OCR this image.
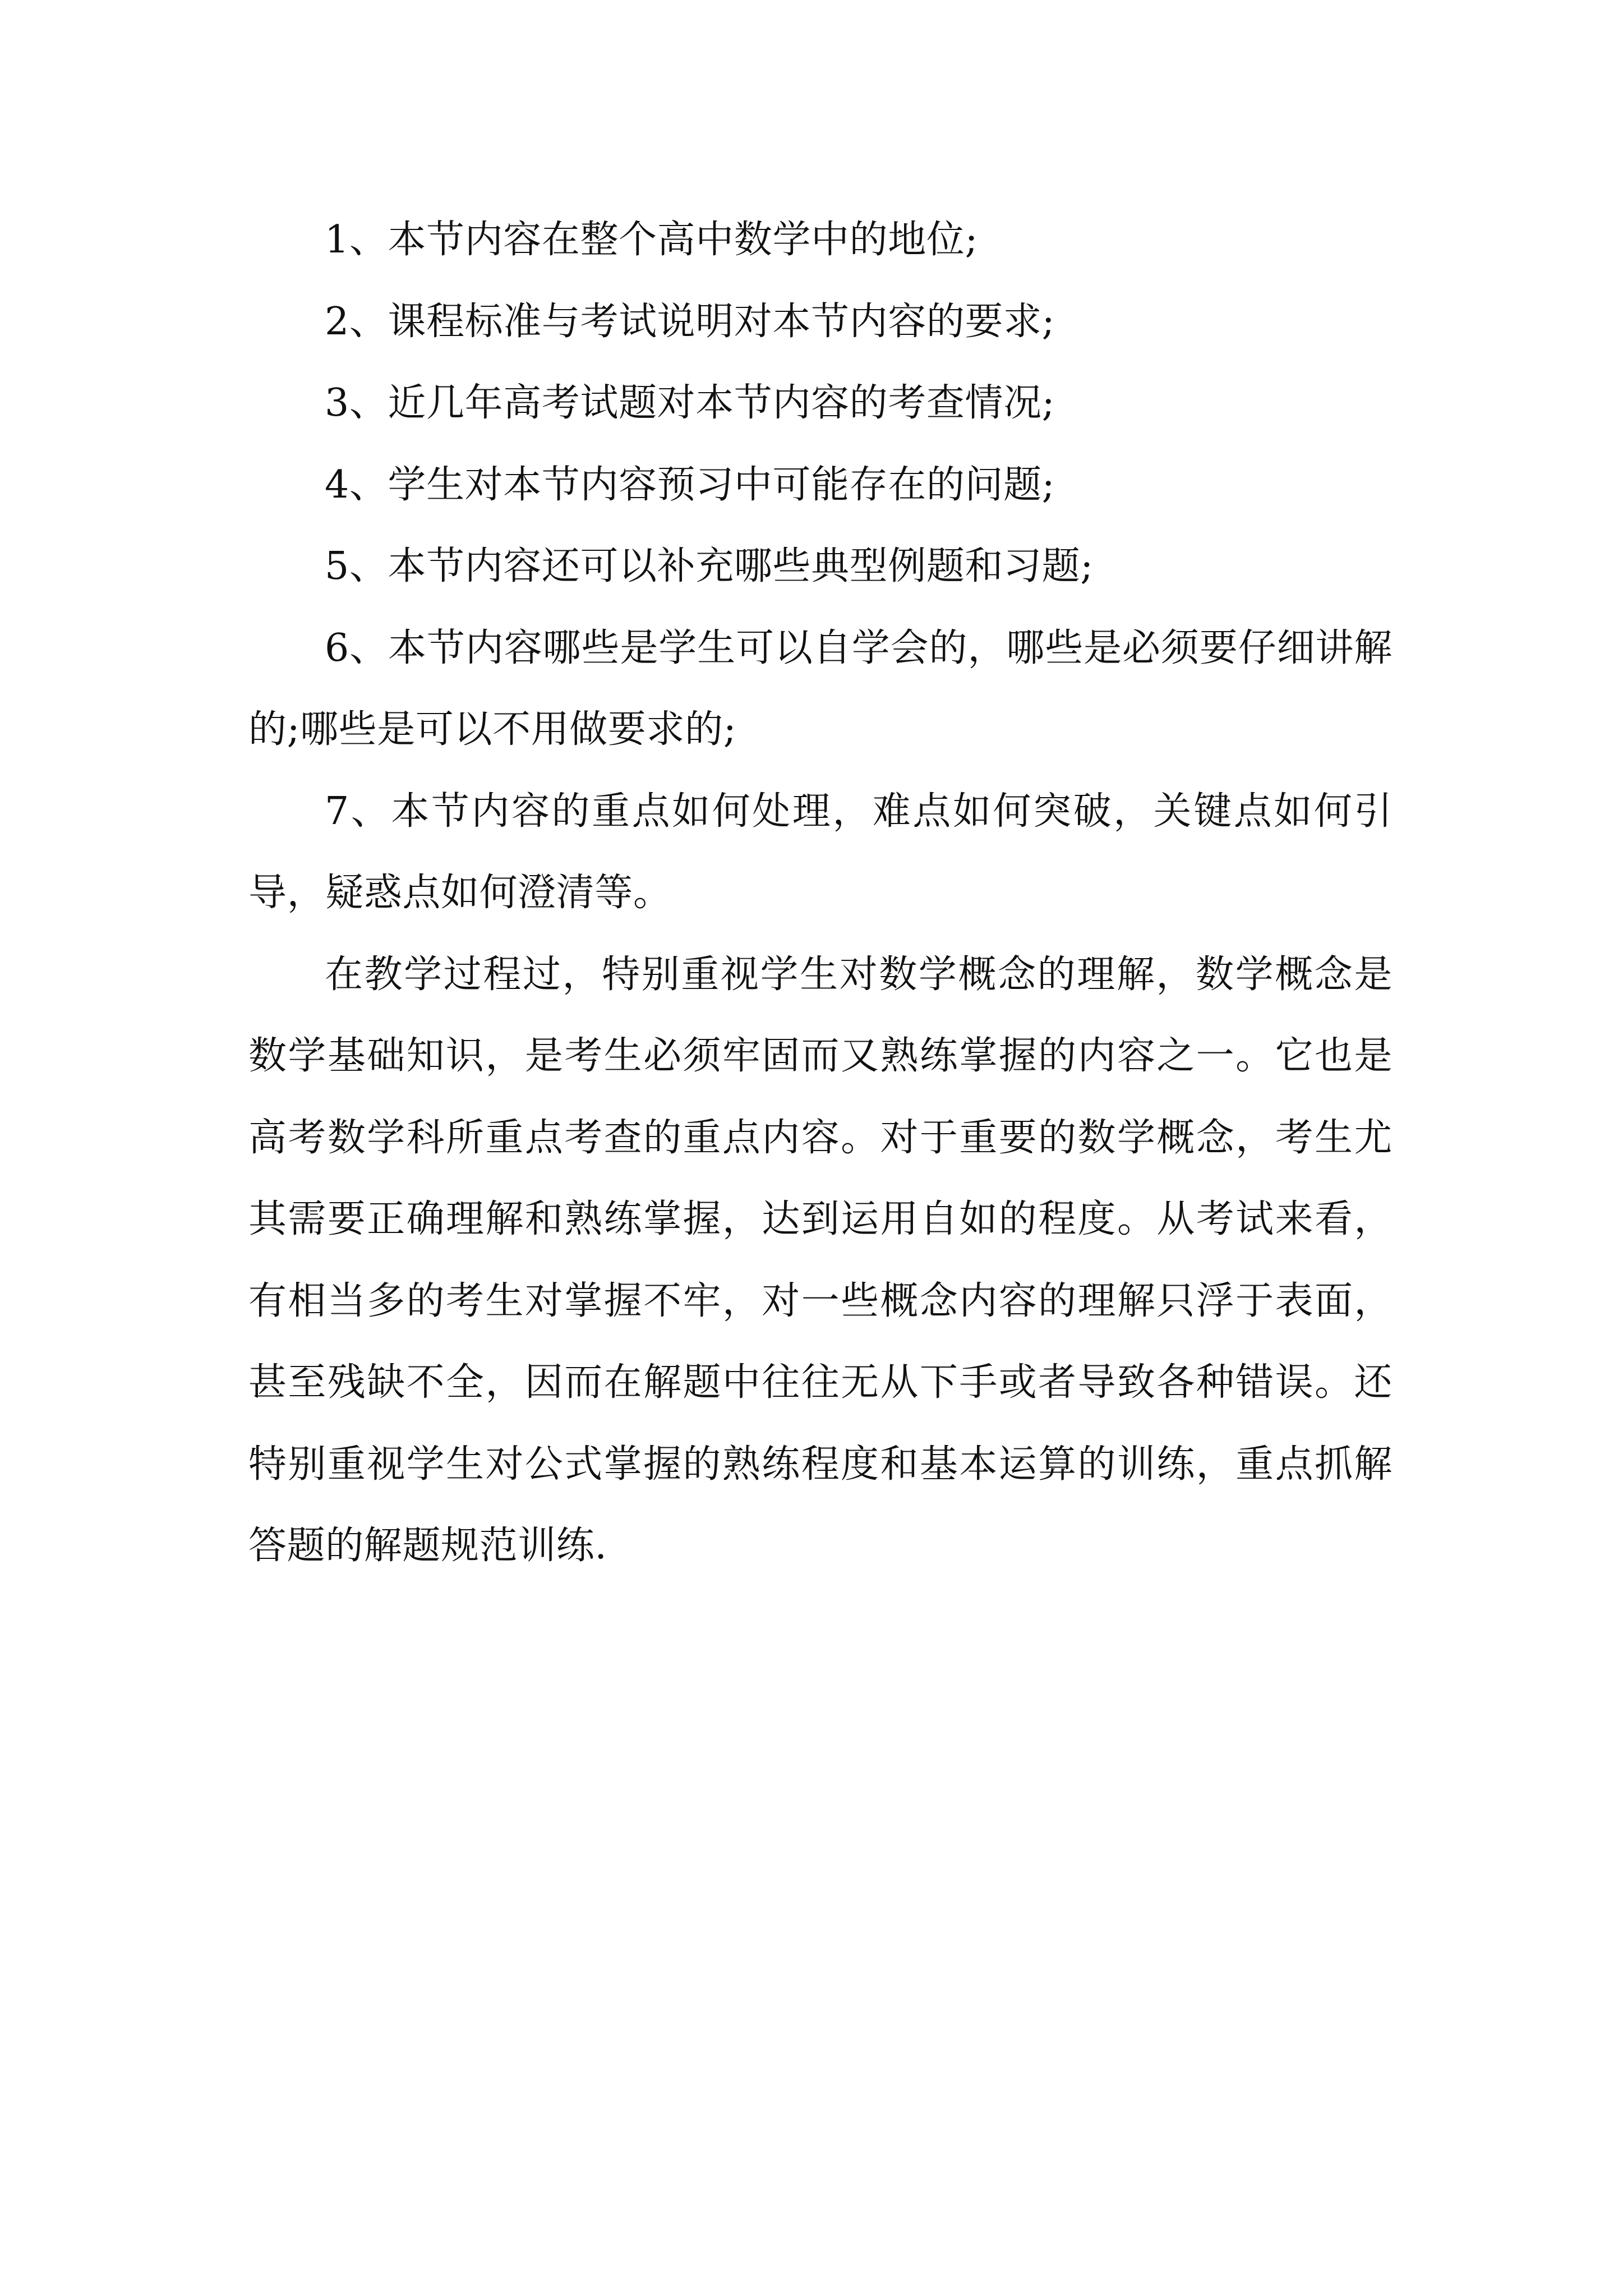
1、本节内容在整个高中数学中的地位;

2、课程标准与考试说明对本节内容的要求;

3、近几年高考试题对本节内容的考查情况;

4、学生对本节内容预习中可能存在的问题;

5、本节内容还可以补充哪些典型例题和习题;

6、本节内容哪些是学生可以自学会的，哪些是必须要仔细讲解的;哪些是可以不用做要求的;

7、本节内容的重点如何处理，难点如何突破，关键点如何引导，疑惑点如何澄清等。

在教学过程过，特别重视学生对数学概念的理解，数学概念是数学基础知识，是考生必须牢固而又熟练掌握的内容之一。它也是高考数学科所重点考查的重点内容。对于重要的数学概念，考生尤其需要正确理解和熟练掌握，达到运用自如的程度。从考试来看，有相当多的考生对掌握不牢，对一些概念内容的理解只浮于表面，甚至残缺不全，因而在解题中往往无从下手或者导致各种错误。还特别重视学生对公式掌握的熟练程度和基本运算的训练，重点抓解答题的解题规范训练.
